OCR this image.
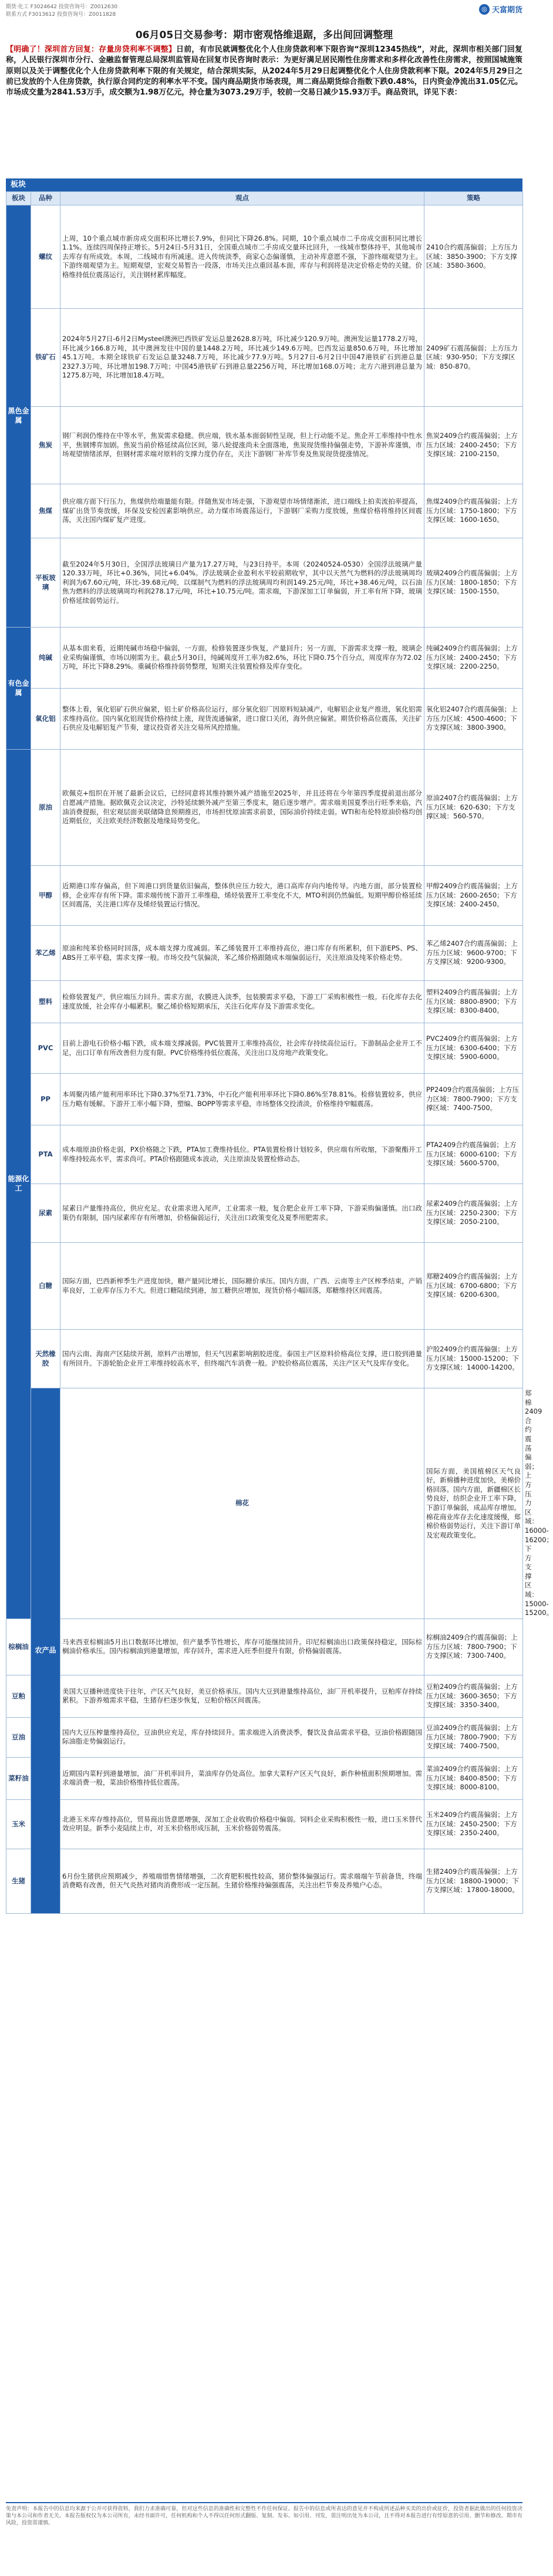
期货·化工 F3024642 投资咨询号：Z0012630
联系方式 F3013612 投资咨询号：Z0011828
◎ 天富期货
06月05日交易参考：期市密观恪维退踞，多出间回调整理
【明确了！深圳首方回复：存量房贷利率不调整】日前，有市民就调整优化个人住房贷款利率下限咨询“深圳12345热线”，对此，深圳市相关部门回复称，人民银行深圳市分行、金融监督管理总局深圳监管局在回复市民咨询时表示：为更好满足居民刚性住房需求和多样化改善性住房需求，按照国城施策原则以及关于调整优化个人住房贷款利率下限的有关规定，结合深圳实际，从2024年5月29日起调整优化个人住房贷款利率下限。2024年5月29日之前已发放的个人住房贷款，执行原合同约定的利率水平不变。国内商品期货市场表现，周二商品期货综合指数下跌0.48%，日内资金净流出31.05亿元。市场成交量为2841.53万手，成交额为1.98万亿元，持仓量为3073.29万手，较前一交易日减少15.93万手。商品资讯，详见下表：
板块
板块	品种	观点	策略	
黑色金属	螺纹	上周，10个重点城市新房成交面积环比增长7.9%，但同比下降26.8%。同期，10个重点城市二手房成交面积同比增长1.1%。连续四周保持正增长。5月24日-5月31日，全国重点城市二手房成交量环比回升，一线城市整体持平，其他城市去库存有所成效。本周，二线城市有所减速。进入传统淡季，商家心态偏谨慎，主动补库意愿不强，下游终端观望为主。下游终端观望为主。短期观望，宏观交易暂告一段落，市场关注点重回基本面，库存与利润将是决定价格走势的关键。价格维持低位震荡运行，关注钢材累库幅度。	2410合约震荡偏弱；上方压力区域：3850-3900；下方支撑区域：3580-3600。	
	铁矿石	2024年5月27日-6月2日Mysteel澳洲巴西铁矿发运总量2628.8万吨，环比减少120.9万吨。澳洲发运量1778.2万吨，环比减少166.8万吨，其中澳洲发往中国的量1448.2万吨，环比减少149.6万吨。巴西发运量850.6万吨，环比增加45.1万吨。本期全球铁矿石发运总量3248.7万吨，环比减少77.9万吨。5月27日-6月2日中国47港铁矿石到港总量2327.3万吨，环比增加198.7万吨；中国45港铁矿石到港总量2256万吨，环比增加168.0万吨；北方六港到港总量为1275.8万吨，环比增加18.4万吨。	2409矿石震荡偏弱；上方压力区域：930-950；下方支撑区域：850-870。	
	焦炭	钢厂利润仍维持在中等水平，焦炭需求稳健。供应端，铁水基本面弱韧性呈现，但上行动能不足。焦企开工率维持中性水平，焦钢博弈加剧。焦炭当前价格延续高位区间，第八轮提涨尚未全面落地，焦炭现货维持偏强走势，下游补库谨慎，市场观望情绪浓厚，但钢材需求端对原料的支撑力度仍存在，关注下游钢厂补库节奏及焦炭现货提涨情况。	焦炭2409合约震荡偏弱；上方压力区域：2400-2450；下方支撑区域：2100-2150。	
	焦煤	供应端方面下行压力，焦煤供给端量能有限。伴随焦炭市场走强，下游观望市场情绪渐浓，进口端线上拍卖流拍率提高，煤矿出货节奏放缓，环保及安检因素影响供应。动力煤市场震荡运行，下游钢厂采购力度放缓，焦煤价格将维持区间震荡，关注国内煤矿复产进度。	焦煤2409合约震荡偏弱；上方压力区域：1750-1800；下方支撑区域：1600-1650。	
	平板玻璃	截至2024年5月30日，全国浮法玻璃日产量为17.27万吨，与23日持平。本周（20240524-0530）全国浮法玻璃产量120.33万吨，环比+0.36%，同比+6.04%。浮法玻璃企业盈利水平较前期收窄，其中以天然气为燃料的浮法玻璃周均利润为67.60元/吨，环比-39.68元/吨，以煤制气为燃料的浮法玻璃周均利润149.25元/吨，环比+38.46元/吨，以石油焦为燃料的浮法玻璃周均利润278.17元/吨，环比+10.75元/吨。需求端，下游深加工订单偏弱，开工率有所下降，玻璃价格延续弱势运行。	玻璃2409合约震荡偏弱；上方压力区域：1800-1850；下方支撑区域：1500-1550。	
有色金属	纯碱	从基本面来看，近期纯碱市场稳中偏弱，一方面，检修装置逐步恢复，产量回升；另一方面，下游需求支撑一般，玻璃企业采购偏谨慎，市场以刚需为主。截止5月30日，纯碱周度开工率为82.6%，环比下降0.75个百分点，周度库存为72.02万吨，环比下降8.29%。重碱价格维持弱势整理，短期关注装置检修及库存变化。	纯碱2409合约震荡偏弱；上方压力区域：2400-2450；下方支撑区域：2200-2250。	
	氧化铝	整体上看，氧化铝矿石供应偏紧，铝土矿价格高位运行，部分氧化铝厂因原料短缺减产，电解铝企业复产推进，氧化铝需求维持高位。国内氧化铝现货价格持续上涨，现货流通偏紧，进口窗口关闭，海外供应偏紧。期货价格高位震荡，关注矿石供应及电解铝复产节奏，建议投资者关注交易所风控措施。	氧化铝2407合约震荡偏强；上方压力区域：4500-4600；下方支撑区域：3800-3900。	
能源化工	原油	欧佩克+组织在开展了最新会议后，已经同意将其维持额外减产措施至2025年，并且还将在今年第四季度提前退出部分自愿减产措施。据欧佩克会议决定，沙特延续额外减产至第三季度末，随后逐步增产。需求端美国夏季出行旺季来临，汽油消费提振，但宏观层面美联储降息预期推迟，市场担忧原油需求前景，国际油价持续走弱。WTI和布伦特原油价格均创近期低位，关注欧美经济数据及地缘局势变化。	原油2407合约震荡偏弱；上方压力区域：620-630；下方支撑区域：560-570。	
	甲醇	近期港口库存偏高，但下周港口到货量依旧偏高，整体供应压力较大，港口高库存向内地传导。内地方面，部分装置检修，企业库存有所下降。需求端传统下游开工率维稳，烯烃装置开工率变化不大，MTO利润仍然偏低。短期甲醇价格延续区间震荡，关注港口库存及烯烃装置运行情况。	甲醇2409合约震荡偏弱；上方压力区域：2600-2650；下方支撑区域：2400-2450。	
	苯乙烯	原油和纯苯价格同时回落，成本端支撑力度减弱。苯乙烯装置开工率维持高位，港口库存有所累积，但下游EPS、PS、ABS开工率平稳，需求支撑一般。市场交投气氛偏淡，苯乙烯价格跟随成本端偏弱运行，关注原油及纯苯价格走势。	苯乙烯2407合约震荡偏弱；上方压力区域：9600-9700；下方支撑区域：9200-9300。	
	塑料	检修装置复产，供应端压力回升。需求方面，农膜进入淡季，包装膜需求平稳，下游工厂采购积极性一般。石化库存去化速度放缓，社会库存小幅累积。聚乙烯价格短期承压，关注石化库存及下游需求变化。	塑料2409合约震荡偏弱；上方压力区域：8800-8900；下方支撑区域：8300-8400。	
	PVC	目前上游电石价格小幅下跌，成本端支撑减弱。PVC装置开工率维持高位，社会库存持续高位运行。下游制品企业开工不足，出口订单有所改善但力度有限。PVC价格维持低位震荡，关注出口及房地产政策变化。	PVC2409合约震荡偏弱；上方压力区域：6300-6400；下方支撑区域：5900-6000。	
	PP	本周聚丙烯产能利用率环比下降0.37%至71.73%，中石化产能利用率环比下降0.86%至78.81%。检修装置较多，供应压力略有缓解。下游开工率小幅下降，塑编、BOPP等需求平稳，市场整体交投清淡，价格维持窄幅震荡。	PP2409合约震荡偏弱；上方压力区域：7800-7900；下方支撑区域：7400-7500。	
	PTA	成本端原油价格走弱，PX价格随之下跌，PTA加工费维持低位。PTA装置检修计划较多，供应端有所收缩，下游聚酯开工率维持较高水平，需求尚可。PTA价格跟随成本波动，关注原油及装置检修动态。	PTA2409合约震荡偏弱；上方压力区域：6000-6100；下方支撑区域：5600-5700。	
	尿素	尿素日产量维持高位，供应充足。农业需求进入尾声，工业需求一般，复合肥企业开工率下降，下游采购偏谨慎。出口政策仍有限制，国内尿素库存有所增加，价格偏弱运行，关注出口政策变化及夏季用肥需求。	尿素2409合约震荡偏弱；上方压力区域：2250-2300；下方支撑区域：2050-2100。	
	白糖	国际方面，巴西新榨季生产进度加快，糖产量同比增长，国际糖价承压。国内方面，广西、云南等主产区榨季结束，产销率良好，工业库存压力不大。但进口糖陆续到港，加工糖供应增加，现货价格小幅回落，郑糖维持区间震荡。	郑糖2409合约震荡偏弱；上方压力区域：6700-6800；下方支撑区域：6200-6300。	
	天然橡胶	国内云南、海南产区陆续开割，原料产出增加，但天气因素影响割胶进度。泰国主产区原料价格高位支撑，进口胶到港量有所回升。下游轮胎企业开工率维持较高水平，但终端汽车消费一般。沪胶价格高位震荡，关注产区天气及库存变化。	沪胶2409合约震荡偏强；上方压力区域：15000-15200；下方支撑区域：14000-14200。	
	农产品	棉花	国际方面，美国植棉区天气良好，新棉播种进度加快，美棉价格回落。国内方面，新疆棉区长势良好，纺织企业开工率下降，下游订单偏弱，成品库存增加。棉花商业库存去化速度缓慢，郑棉价格弱势运行，关注下游订单及宏观政策变化。	郑棉2409合约震荡偏弱；上方压力区域：16000-16200；下方支撑区域：15000-15200。
棕榈油		马来西亚棕榈油5月出口数据环比增加，但产量季节性增长，库存可能继续回升。印尼棕榈油出口政策保持稳定，国际棕榈油价格承压。国内棕榈油到港量增加，库存回升，需求进入旺季但提升有限，价格偏弱震荡。	棕榈油2409合约震荡偏弱；上方压力区域：7800-7900；下方支撑区域：7300-7400。	
豆粕		美国大豆播种进度快于往年，产区天气良好，美豆价格承压。国内大豆到港量维持高位，油厂开机率提升，豆粕库存持续累积。下游养殖需求平稳，生猪存栏逐步恢复，豆粕价格区间震荡。	豆粕2409合约震荡偏弱；上方压力区域：3600-3650；下方支撑区域：3350-3400。	
豆油		国内大豆压榨量维持高位，豆油供应充足，库存持续回升。需求端进入消费淡季，餐饮及食品需求平稳，豆油价格跟随国际油脂走势偏弱运行。	豆油2409合约震荡偏弱；上方压力区域：7800-7900；下方支撑区域：7400-7500。	
菜籽油		近期国内菜籽到港量增加，油厂开机率回升，菜油库存仍处高位。加拿大菜籽产区天气良好，新作种植面积预期增加。需求端消费一般，菜油价格维持低位震荡。	菜油2409合约震荡偏弱；上方压力区域：8400-8500；下方支撑区域：8000-8100。	
玉米		北港玉米库存维持高位，贸易商出货意愿增强，深加工企业收购价格稳中偏弱。饲料企业采购积极性一般，进口玉米替代效应明显。新季小麦陆续上市，对玉米价格形成压制，玉米价格弱势震荡。	玉米2409合约震荡偏弱；上方压力区域：2450-2500；下方支撑区域：2350-2400。	
生猪		6月份生猪供应预期减少，养殖端惜售情绪增强，二次育肥积极性较高，猪价整体偏强运行。需求端端午节前备货，终端消费略有改善，但天气炎热对猪肉消费形成一定压制。生猪价格维持偏强震荡，关注出栏节奏及养殖户心态。	生猪2409合约震荡偏强；上方压力区域：18800-19000；下方支撑区域：17800-18000。	
免责声明：本报告中的信息均来源于公开可获得资料，我们力求准确可靠，但对这些信息的准确性和完整性不作任何保证。报告中的信息或所表达的意见并不构成所述品种买卖的出价或征价，投资者据此做出的任何投资决策与本公司和作者无关。本报告版权仅为本公司所有，未经书面许可，任何机构和个人不得以任何形式翻版、复制、发布。如引用、刊发，需注明出处为本公司，且不得对本报告进行有悖原意的引用、删节和修改。期市有风险，投资需谨慎。
